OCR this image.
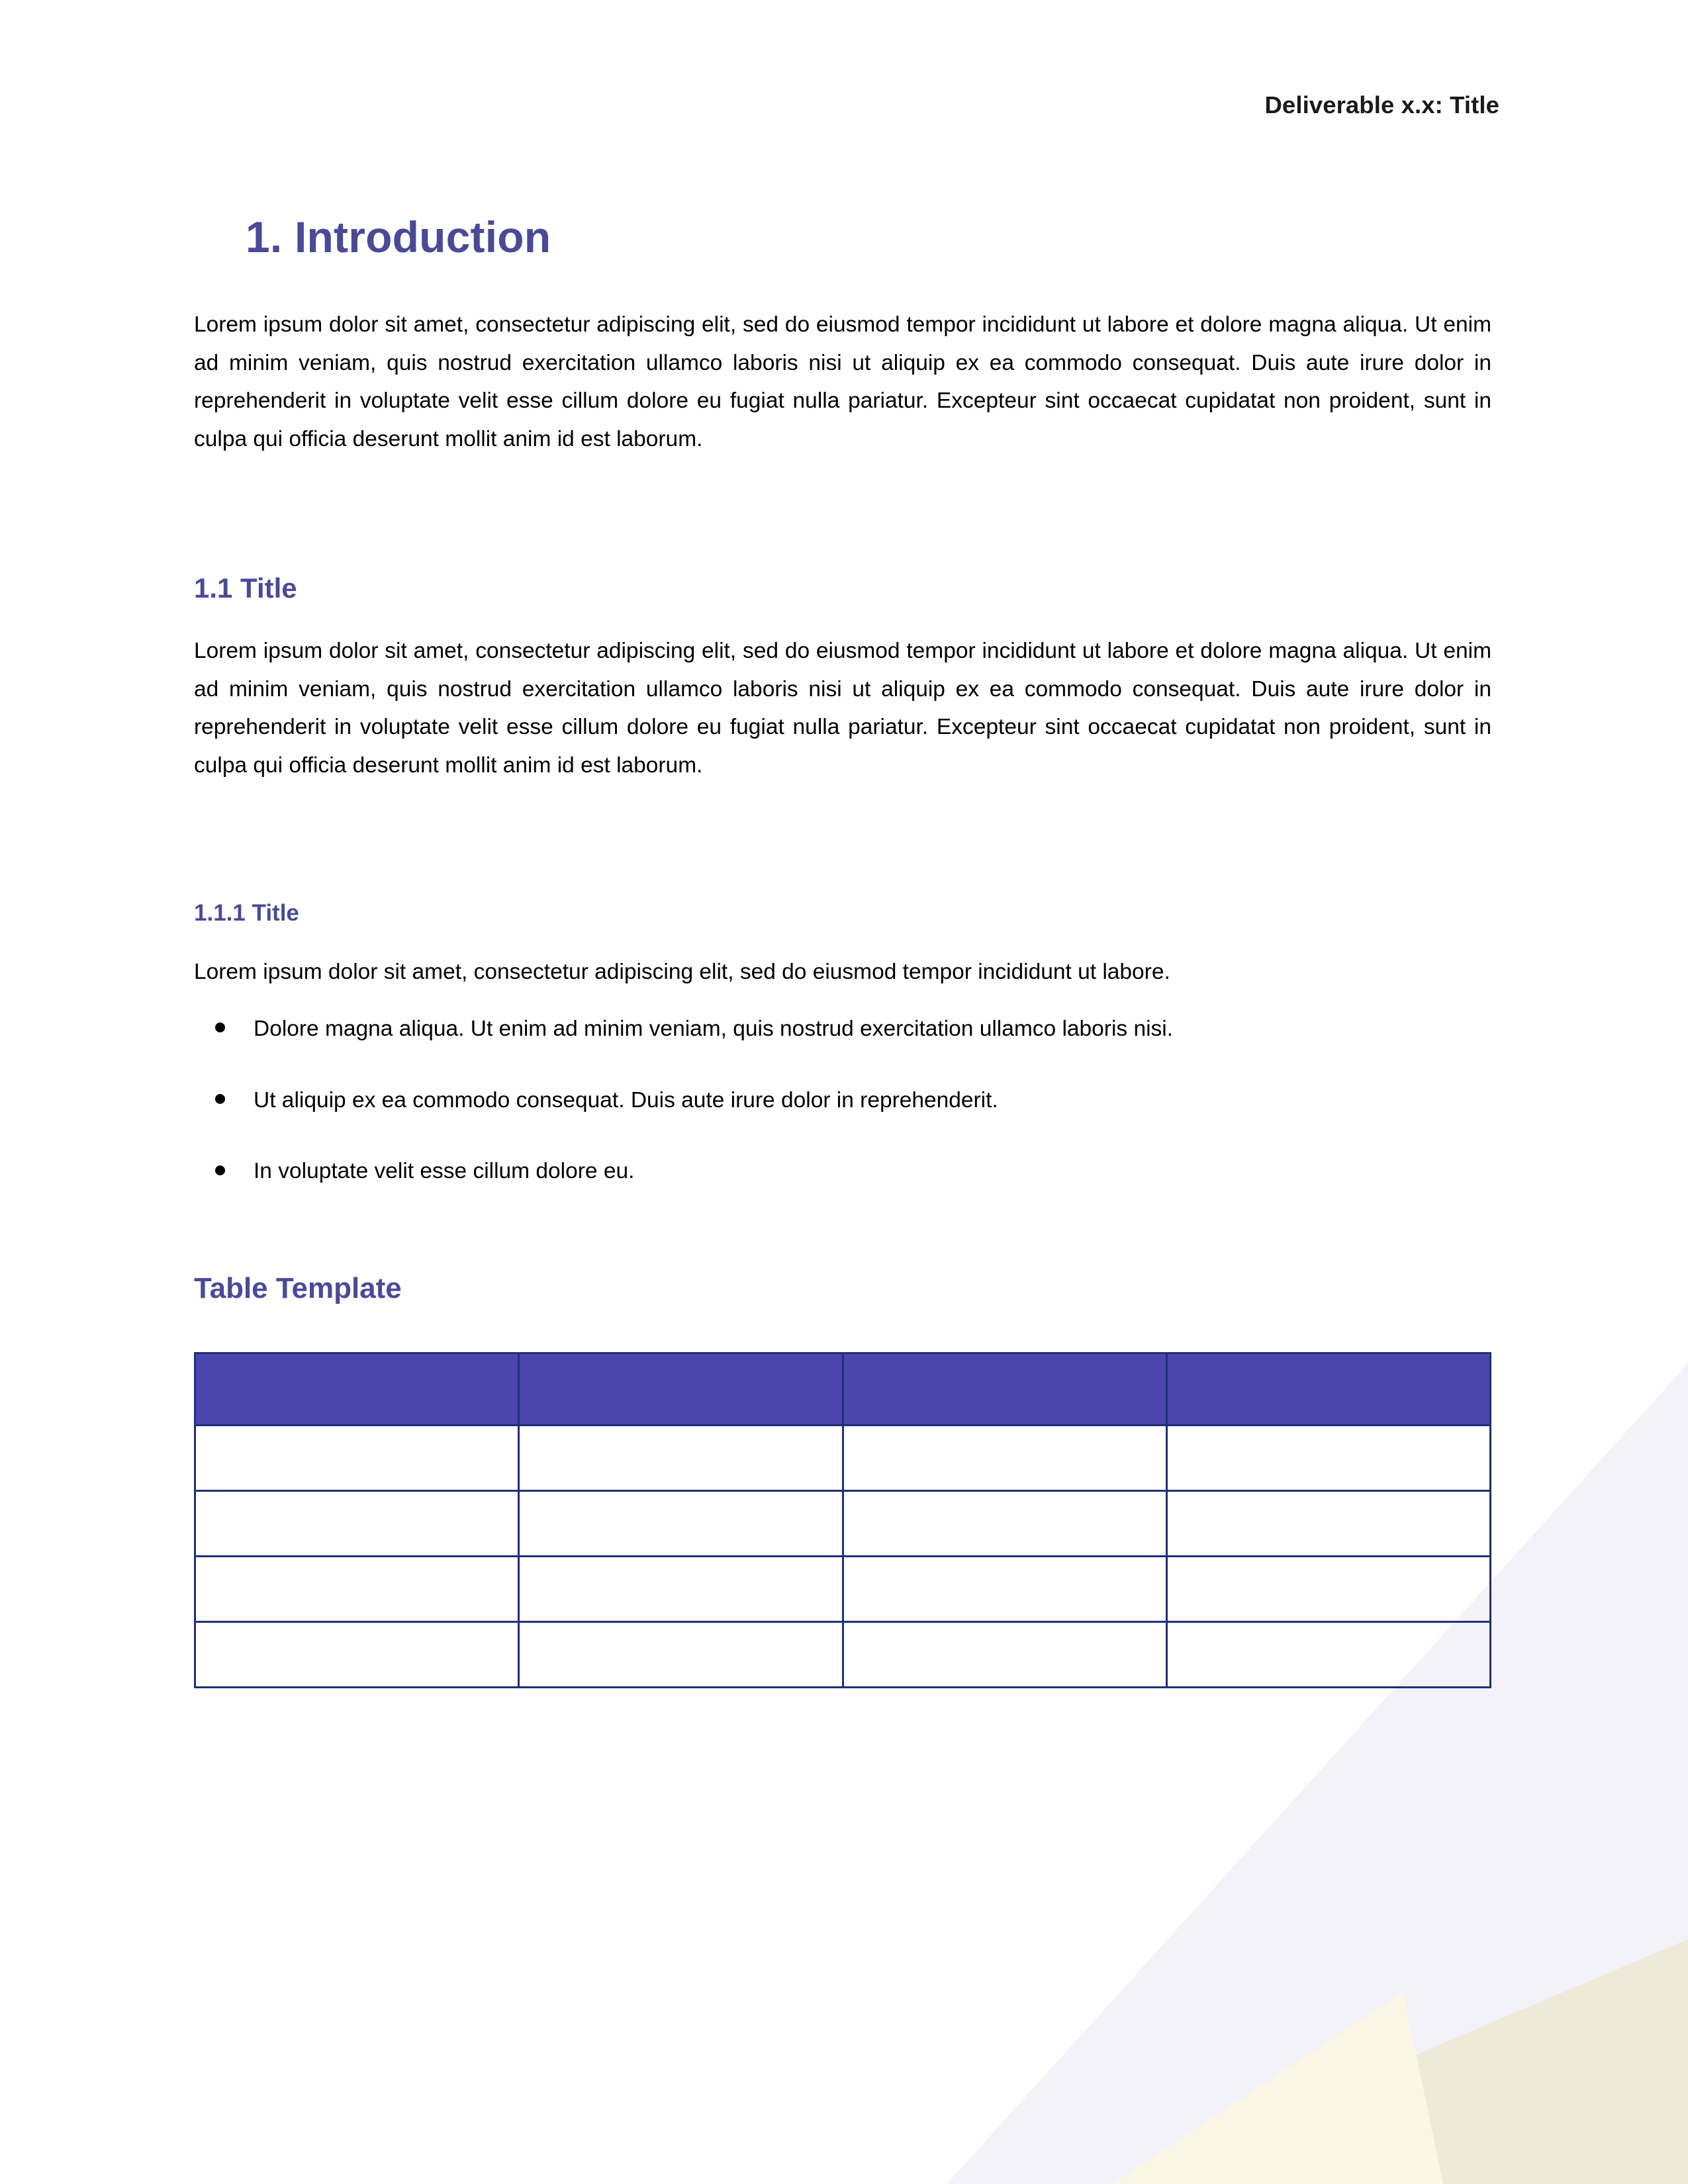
Deliverable x.x: Title
1. Introduction

Lorem ipsum dolor sit amet, consectetur adipiscing elit, sed do eiusmod tempor incididunt ut labore et dolore magna aliqua. Ut enim ad minim veniam, quis nostrud exercitation ullamco laboris nisi ut aliquip ex ea commodo consequat. Duis aute irure dolor in reprehenderit in voluptate velit esse cillum dolore eu fugiat nulla pariatur. Excepteur sint occaecat cupidatat non proident, sunt in culpa qui officia deserunt mollit anim id est laborum.

1.1 Title

Lorem ipsum dolor sit amet, consectetur adipiscing elit, sed do eiusmod tempor incididunt ut labore et dolore magna aliqua. Ut enim ad minim veniam, quis nostrud exercitation ullamco laboris nisi ut aliquip ex ea commodo consequat. Duis aute irure dolor in reprehenderit in voluptate velit esse cillum dolore eu fugiat nulla pariatur. Excepteur sint occaecat cupidatat non proident, sunt in culpa qui officia deserunt mollit anim id est laborum.

1.1.1 Title

Lorem ipsum dolor sit amet, consectetur adipiscing elit, sed do eiusmod tempor incididunt ut labore.

Dolore magna aliqua. Ut enim ad minim veniam, quis nostrud exercitation ullamco laboris nisi.
Ut aliquip ex ea commodo consequat. Duis aute irure dolor in reprehenderit.
In voluptate velit esse cillum dolore eu.
Table Template
